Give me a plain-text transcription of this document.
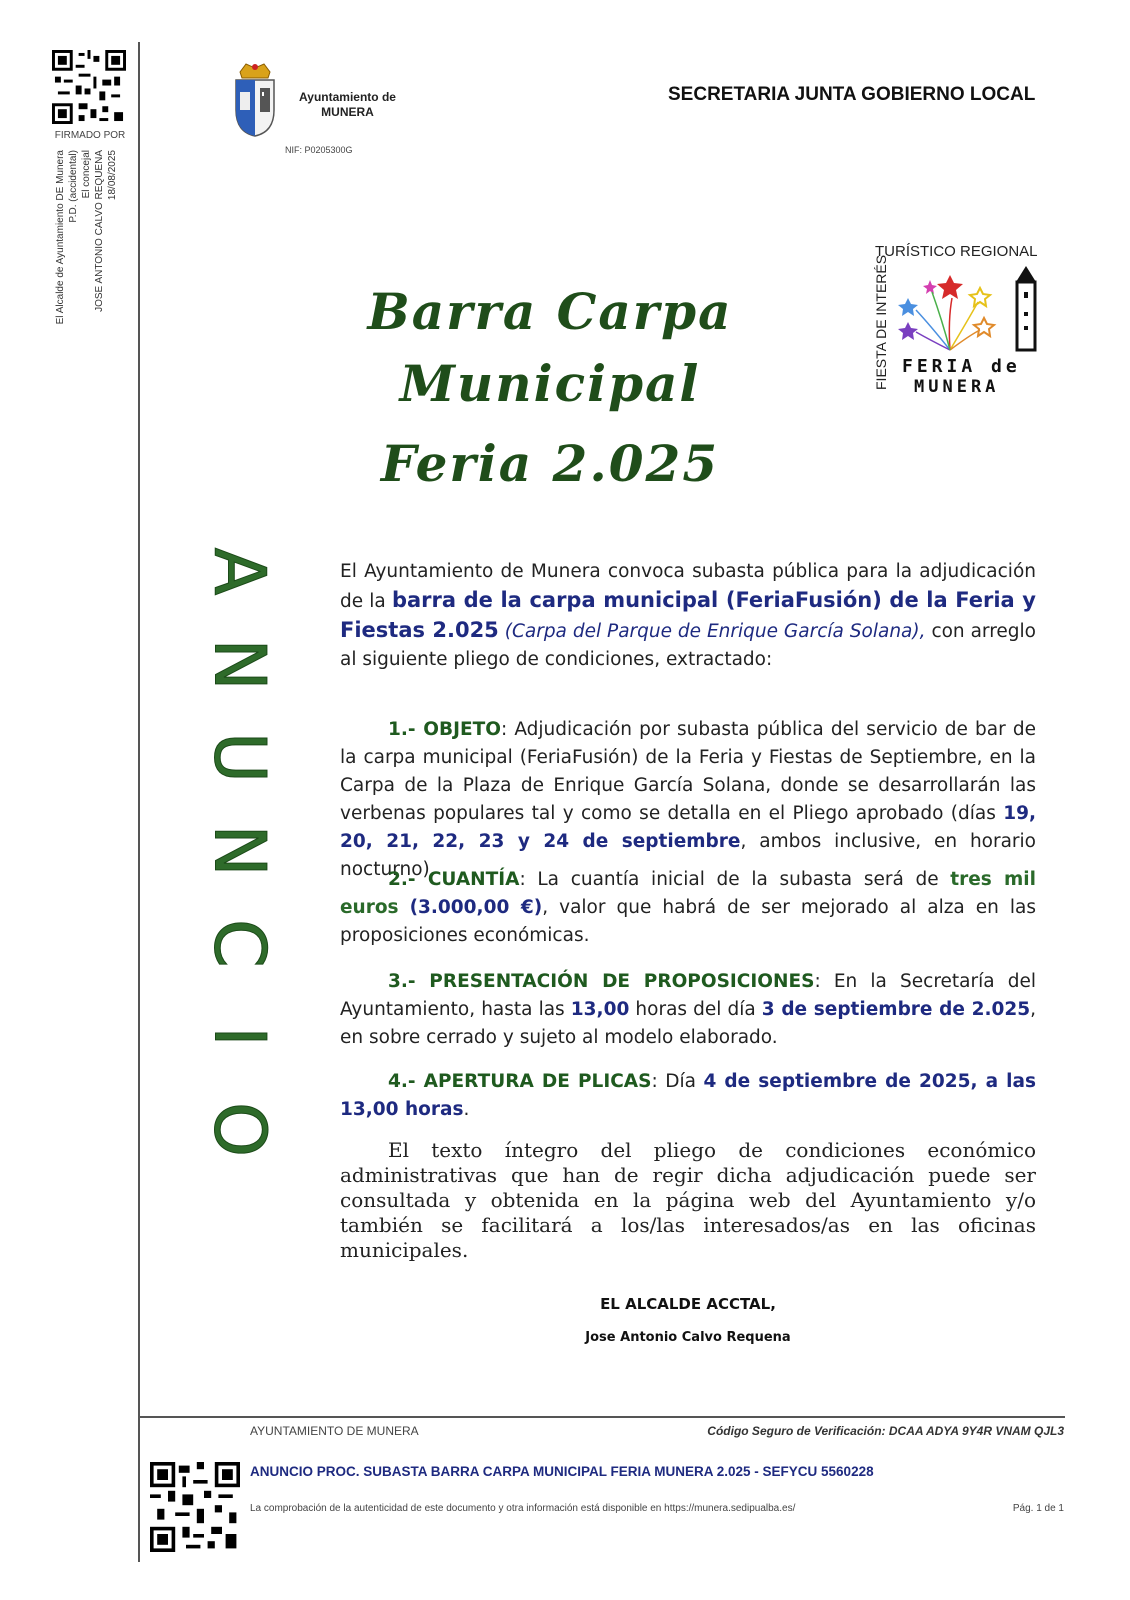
FIRMADO POR
El Alcalde de Ayuntamiento DE Munera P.D. (accidental) El concejal JOSE ANTONIO CALVO REQUENA 18/08/2025
Ayuntamiento de
MUNERA
NIF: P0205300G
SECRETARIA JUNTA GOBIERNO LOCAL
TURÍSTICO REGIONAL
FIESTA DE INTERÉS FERIA de
MUNERA
Barra Carpa
Municipal
Feria 2.025
A
N
U
N
C
I
O
El Ayuntamiento de Munera convoca subasta pública para la adjudicación de la barra de la carpa municipal (FeriaFusión) de la Feria y Fiestas 2.025 (Carpa del Parque de Enrique García Solana), con arreglo al siguiente pliego de condiciones, extractado:

1.- OBJETO: Adjudicación por subasta pública del servicio de bar de la carpa municipal (FeriaFusión) de la Feria y Fiestas de Septiembre, en la Carpa de la Plaza de Enrique García Solana, donde se desarrollarán las verbenas populares tal y como se detalla en el Pliego aprobado (días 19, 20, 21, 22, 23 y 24 de septiembre, ambos inclusive, en horario nocturno).

2.- CUANTÍA: La cuantía inicial de la subasta será de tres mil euros (3.000,00 €), valor que habrá de ser mejorado al alza en las proposiciones económicas.

3.- PRESENTACIÓN DE PROPOSICIONES: En la Secretaría del Ayuntamiento, hasta las 13,00 horas del día 3 de septiembre de 2.025, en sobre cerrado y sujeto al modelo elaborado.

4.- APERTURA DE PLICAS: Día 4 de septiembre de 2025, a las 13,00 horas.

El texto íntegro del pliego de condiciones económico administrativas que han de regir dicha adjudicación puede ser consultada y obtenida en la página web del Ayuntamiento y/o también se facilitará a los/las interesados/as en las oficinas municipales.

EL ALCALDE ACCTAL,
Jose Antonio Calvo Requena
AYUNTAMIENTO DE MUNERA	Código Seguro de Verificación: DCAA ADYA 9Y4R VNAM QJL3
ANUNCIO PROC. SUBASTA BARRA CARPA MUNICIPAL FERIA MUNERA 2.025 - SEFYCU 5560228
La comprobación de la autenticidad de este documento y otra información está disponible en https://munera.sedipualba.es/	Pág. 1 de 1
